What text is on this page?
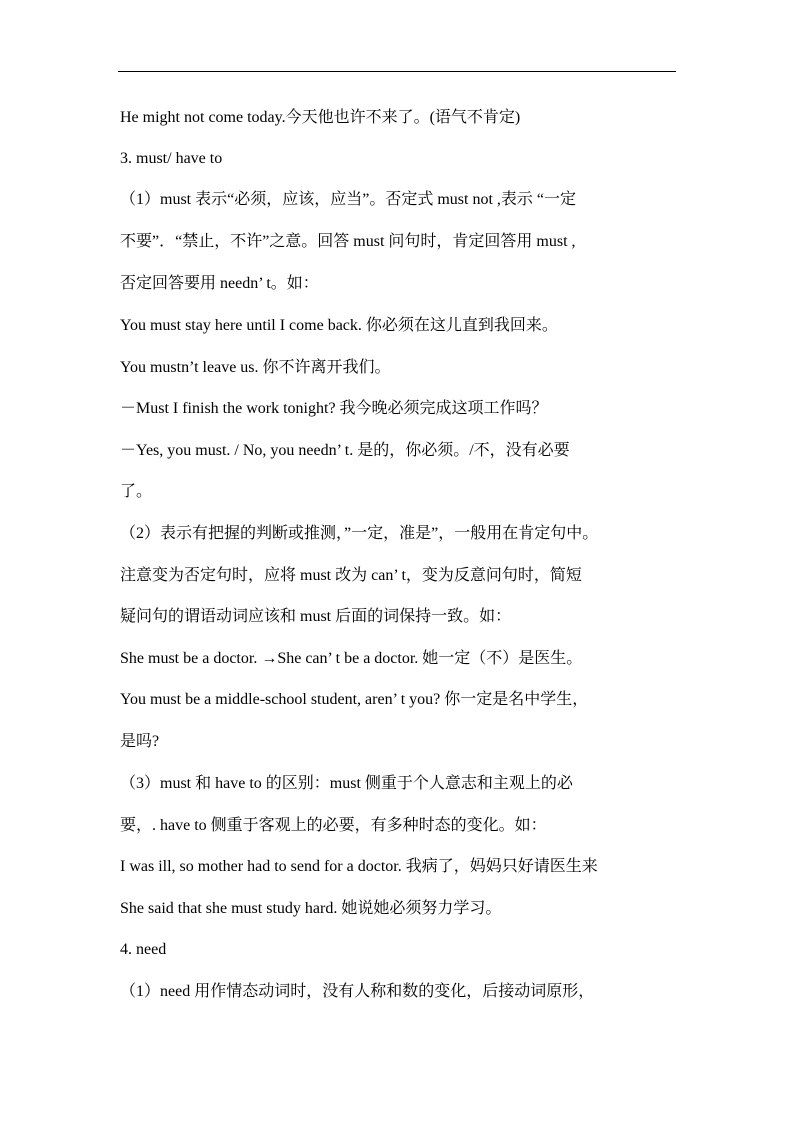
He might not come today.今天他也许不来了。(语气不肯定)
3. must/ have to
（1）must 表示“必须，应该，应当”。否定式 must not ,表示 “一定
不要”．“禁止，不许”之意。回答 must 问句时，肯定回答用 must ,
否定回答要用 needn’ t。如：
You must stay here until I come back. 你必须在这儿直到我回来。
You mustn’t leave us. 你不许离开我们。
－Must I finish the work tonight? 我今晚必须完成这项工作吗？
－Yes, you must. / No, you needn’ t. 是的，你必须。/不，没有必要
了。
（2）表示有把握的判断或推测，”一定，准是”，一般用在肯定句中。
注意变为否定句时，应将 must 改为 can’ t，变为反意问句时，简短
疑问句的谓语动词应该和 must 后面的词保持一致。如：
She must be a doctor. →She can’ t be a doctor. 她一定（不）是医生。
You must be a middle-school student, aren’ t you? 你一定是名中学生，
是吗?
（3）must 和 have to 的区别：must 侧重于个人意志和主观上的必
要，. have to 侧重于客观上的必要，有多种时态的变化。如：
I was ill, so mother had to send for a doctor. 我病了，妈妈只好请医生来
She said that she must study hard. 她说她必须努力学习。
4. need
（1）need 用作情态动词时，没有人称和数的变化，后接动词原形，
